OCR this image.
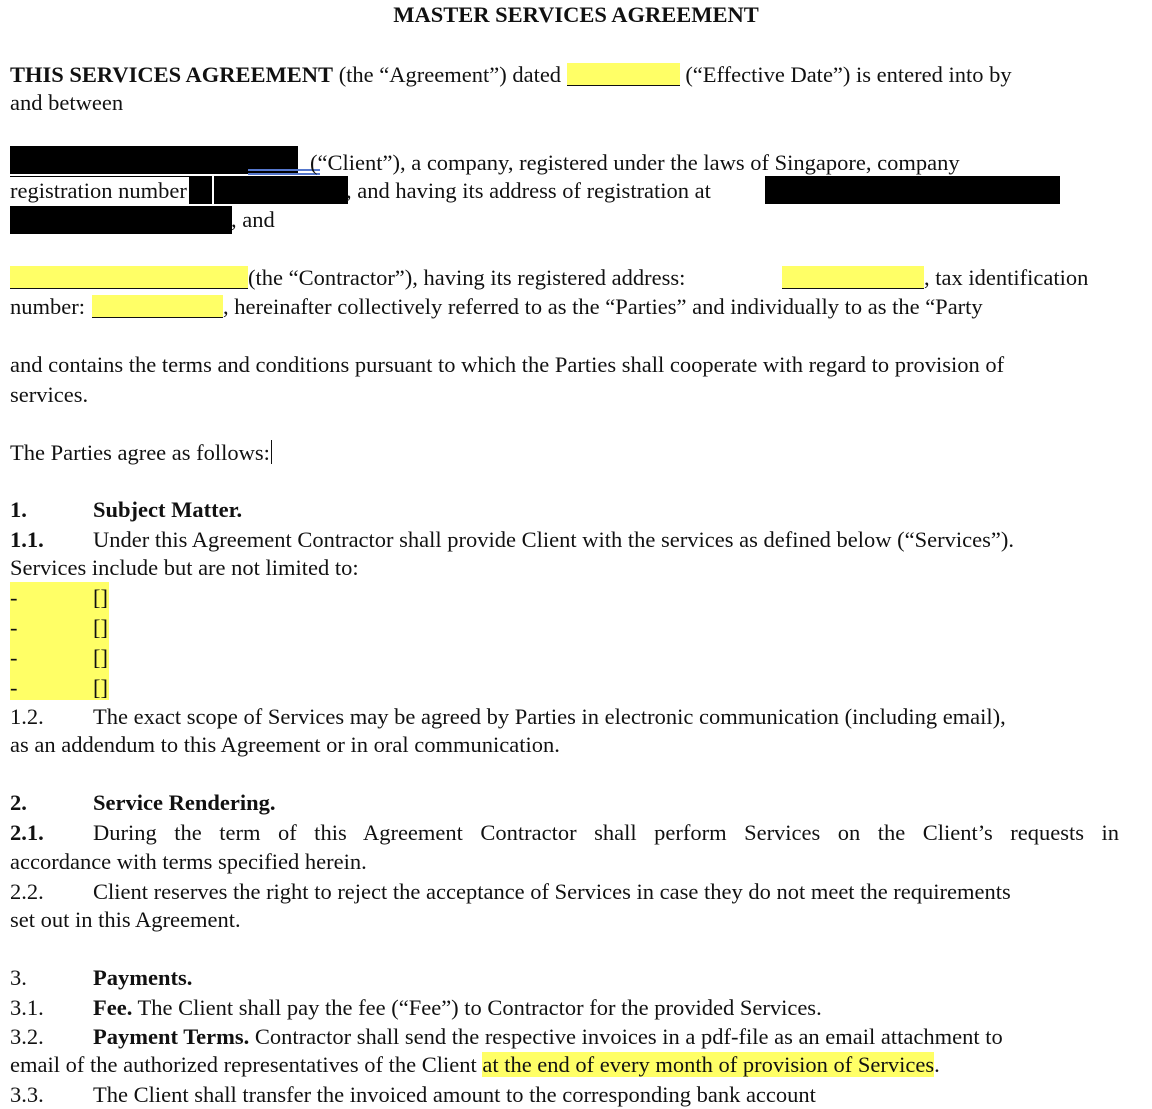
MASTER SERVICES AGREEMENT
THIS SERVICES AGREEMENT (the “Agreement”) dated	(“Effective Date”) is entered into by
and between
(“Client”), a company, registered under the laws of Singapore, company
registration number	, and having its address of registration at
, and
(the “Contractor”), having its registered address:	, tax identification
number:	, hereinafter collectively referred to as the “Parties” and individually to as the “Party
and contains the terms and conditions pursuant to which the Parties shall cooperate with regard to provision of
services.
The Parties agree as follows:
1.	Subject Matter.
1.1. Under this Agreement Contractor shall provide Client with the services as defined below (“Services”).
Services include but are not limited to:
-	[]
-	[]
-	[]
-	[]
1.2. The exact scope of Services may be agreed by Parties in electronic communication (including email),
as an addendum to this Agreement or in oral communication.
2.	Service Rendering.
2.1. During the term of this Agreement Contractor shall perform Services on the Client’s requests in
accordance with terms specified herein.
2.2. Client reserves the right to reject the acceptance of Services in case they do not meet the requirements
set out in this Agreement.
3.	Payments.
3.1. Fee. The Client shall pay the fee (“Fee”) to Contractor for the provided Services.
3.2. Payment Terms. Contractor shall send the respective invoices in a pdf-file as an email attachment to
email of the authorized representatives of the Client at the end of every month of provision of Services.
3.3. The Client shall transfer the invoiced amount to the corresponding bank account
